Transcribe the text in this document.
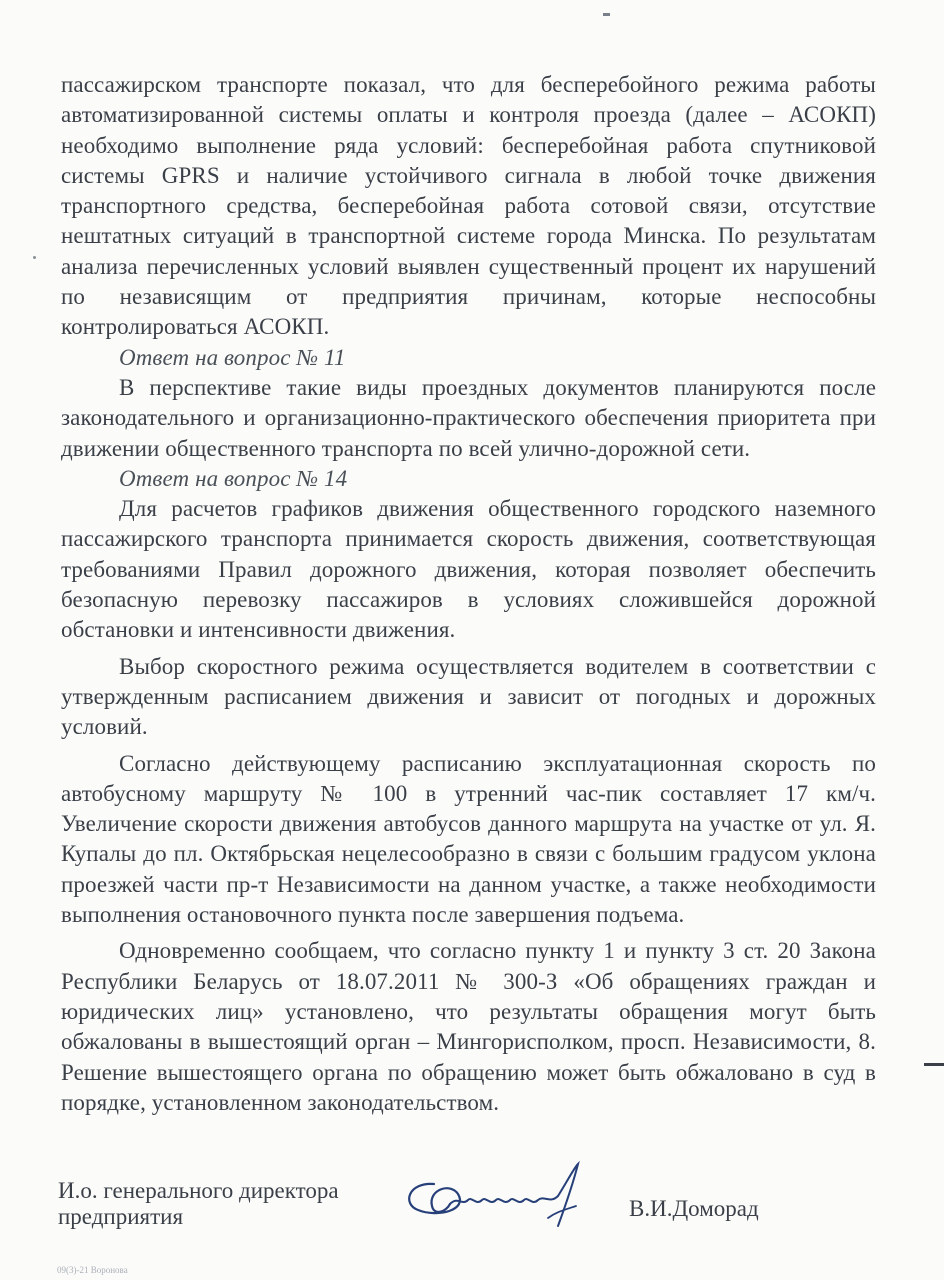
пассажирском транспорте показал, что для бесперебойного режима работы автоматизированной системы оплаты и контроля проезда (далее – АСОКП) необходимо выполнение ряда условий: бесперебойная работа спутниковой системы GPRS и наличие устойчивого сигнала в любой точке движения транспортного средства, бесперебойная работа сотовой связи, отсутствие нештатных ситуаций в транспортной системе города Минска. По результатам анализа перечисленных условий выявлен существенный процент их нарушений по независящим от предприятия причинам, которые неспособны контролироваться АСОКП.

Ответ на вопрос № 11

В перспективе такие виды проездных документов планируются после законодательного и организационно-практического обеспечения приоритета при движении общественного транспорта по всей улично-дорожной сети.

Ответ на вопрос № 14

Для расчетов графиков движения общественного городского наземного пассажирского транспорта принимается скорость движения, соответствующая требованиями Правил дорожного движения, которая позволяет обеспечить безопасную перевозку пассажиров в условиях сложившейся дорожной обстановки и интенсивности движения.

Выбор скоростного режима осуществляется водителем в соответствии с утвержденным расписанием движения и зависит от погодных и дорожных условий.

Согласно действующему расписанию эксплуатационная скорость по автобусному маршруту № 100 в утренний час-пик составляет 17 км/ч. Увеличение скорости движения автобусов данного маршрута на участке от ул. Я. Купалы до пл. Октябрьская нецелесообразно в связи с большим градусом уклона проезжей части пр-т Независимости на данном участке, а также необходимости выполнения остановочного пункта после завершения подъема.

Одновременно сообщаем, что согласно пункту 1 и пункту 3 ст. 20 Закона Республики Беларусь от 18.07.2011 № 300-З «Об обращениях граждан и юридических лиц» установлено, что результаты обращения могут быть обжалованы в вышестоящий орган – Мингорисполком, просп. Независимости, 8. Решение вышестоящего органа по обращению может быть обжаловано в суд в порядке, установленном законодательством.

И.о. генерального директора
предприятия	В.И.Доморад
09(3)-21 Воронова
